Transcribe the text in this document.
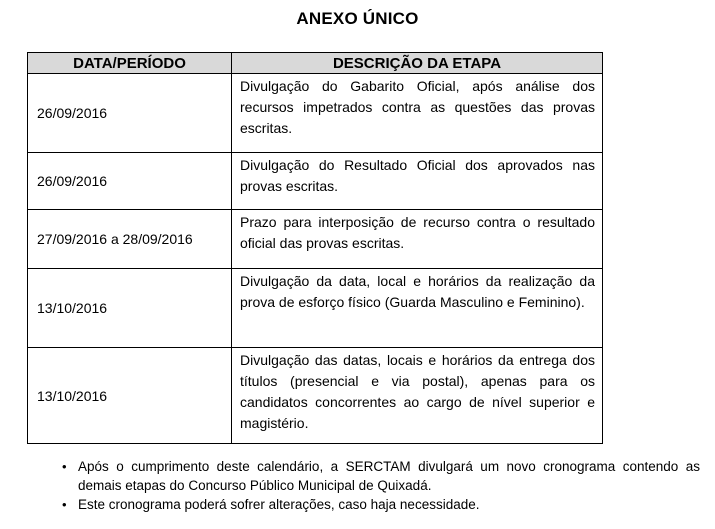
ANEXO ÚNICO
DATA/PERÍODO	DESCRIÇÃO DA ETAPA
26/09/2016	Divulgação do Gabarito Oficial, após análise dos recursos impetrados contra as questões das provas escritas.
26/09/2016	Divulgação do Resultado Oficial dos aprovados nas provas escritas.
27/09/2016 a 28/09/2016	Prazo para interposição de recurso contra o resultado oficial das provas escritas.
13/10/2016	Divulgação da data, local e horários da realização da prova de esforço físico (Guarda Masculino e Feminino).
13/10/2016	Divulgação das datas, locais e horários da entrega dos títulos (presencial e via postal), apenas para os candidatos concorrentes ao cargo de nível superior e magistério.
• Após o cumprimento deste calendário, a SERCTAM divulgará um novo cronograma contendo as demais etapas do Concurso Público Municipal de Quixadá.
• Este cronograma poderá sofrer alterações, caso haja necessidade.
